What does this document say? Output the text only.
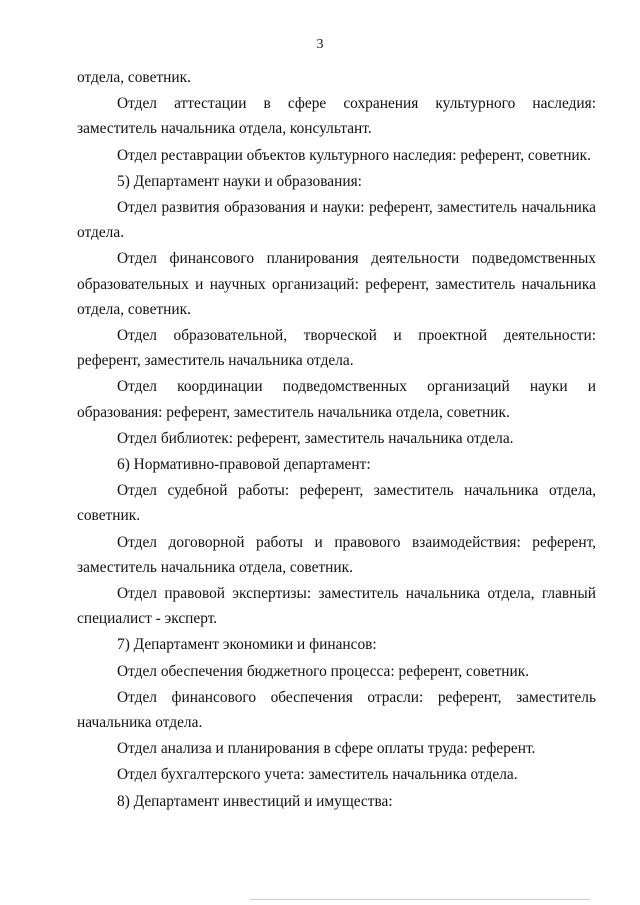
3

отдела, советник.

Отдел аттестации в сфере сохранения культурного наследия: заместитель начальника отдела, консультант.

Отдел реставрации объектов культурного наследия: референт, советник.

5) Департамент науки и образования:

Отдел развития образования и науки: референт, заместитель начальника отдела.

Отдел финансового планирования деятельности подведомственных образовательных и научных организаций: референт, заместитель начальника отдела, советник.

Отдел образовательной, творческой и проектной деятельности: референт, заместитель начальника отдела.

Отдел координации подведомственных организаций науки и образования: референт, заместитель начальника отдела, советник.

Отдел библиотек: референт, заместитель начальника отдела.

6) Нормативно-правовой департамент:

Отдел судебной работы: референт, заместитель начальника отдела, советник.

Отдел договорной работы и правового взаимодействия: референт, заместитель начальника отдела, советник.

Отдел правовой экспертизы: заместитель начальника отдела, главный специалист - эксперт.

7) Департамент экономики и финансов:

Отдел обеспечения бюджетного процесса: референт, советник.

Отдел финансового обеспечения отрасли: референт, заместитель начальника отдела.

Отдел анализа и планирования в сфере оплаты труда: референт.

Отдел бухгалтерского учета: заместитель начальника отдела.

8) Департамент инвестиций и имущества:
